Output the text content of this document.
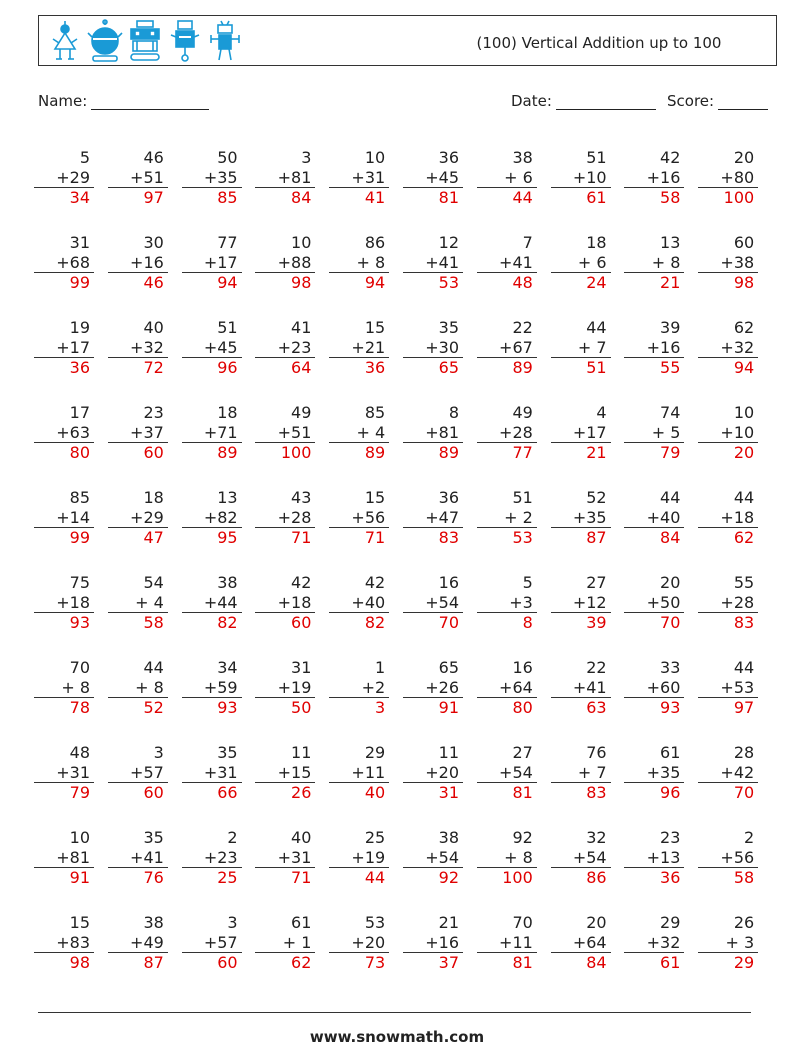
(100) Vertical Addition up to 100
Name:	Date:	Score:
5
+29
34
46
+51
97
50
+35
85
3
+81
84
10
+31
41
36
+45
81
38
+ 6
44
51
+10
61
42
+16
58
20
+80
100
31
+68
99
30
+16
46
77
+17
94
10
+88
98
86
+ 8
94
12
+41
53
7
+41
48
18
+ 6
24
13
+ 8
21
60
+38
98
19
+17
36
40
+32
72
51
+45
96
41
+23
64
15
+21
36
35
+30
65
22
+67
89
44
+ 7
51
39
+16
55
62
+32
94
17
+63
80
23
+37
60
18
+71
89
49
+51
100
85
+ 4
89
8
+81
89
49
+28
77
4
+17
21
74
+ 5
79
10
+10
20
85
+14
99
18
+29
47
13
+82
95
43
+28
71
15
+56
71
36
+47
83
51
+ 2
53
52
+35
87
44
+40
84
44
+18
62
75
+18
93
54
+ 4
58
38
+44
82
42
+18
60
42
+40
82
16
+54
70
5
+3
8
27
+12
39
20
+50
70
55
+28
83
70
+ 8
78
44
+ 8
52
34
+59
93
31
+19
50
1
+2
3
65
+26
91
16
+64
80
22
+41
63
33
+60
93
44
+53
97
48
+31
79
3
+57
60
35
+31
66
11
+15
26
29
+11
40
11
+20
31
27
+54
81
76
+ 7
83
61
+35
96
28
+42
70
10
+81
91
35
+41
76
2
+23
25
40
+31
71
25
+19
44
38
+54
92
92
+ 8
100
32
+54
86
23
+13
36
2
+56
58
15
+83
98
38
+49
87
3
+57
60
61
+ 1
62
53
+20
73
21
+16
37
70
+11
81
20
+64
84
29
+32
61
26
+ 3
29
www.snowmath.com
